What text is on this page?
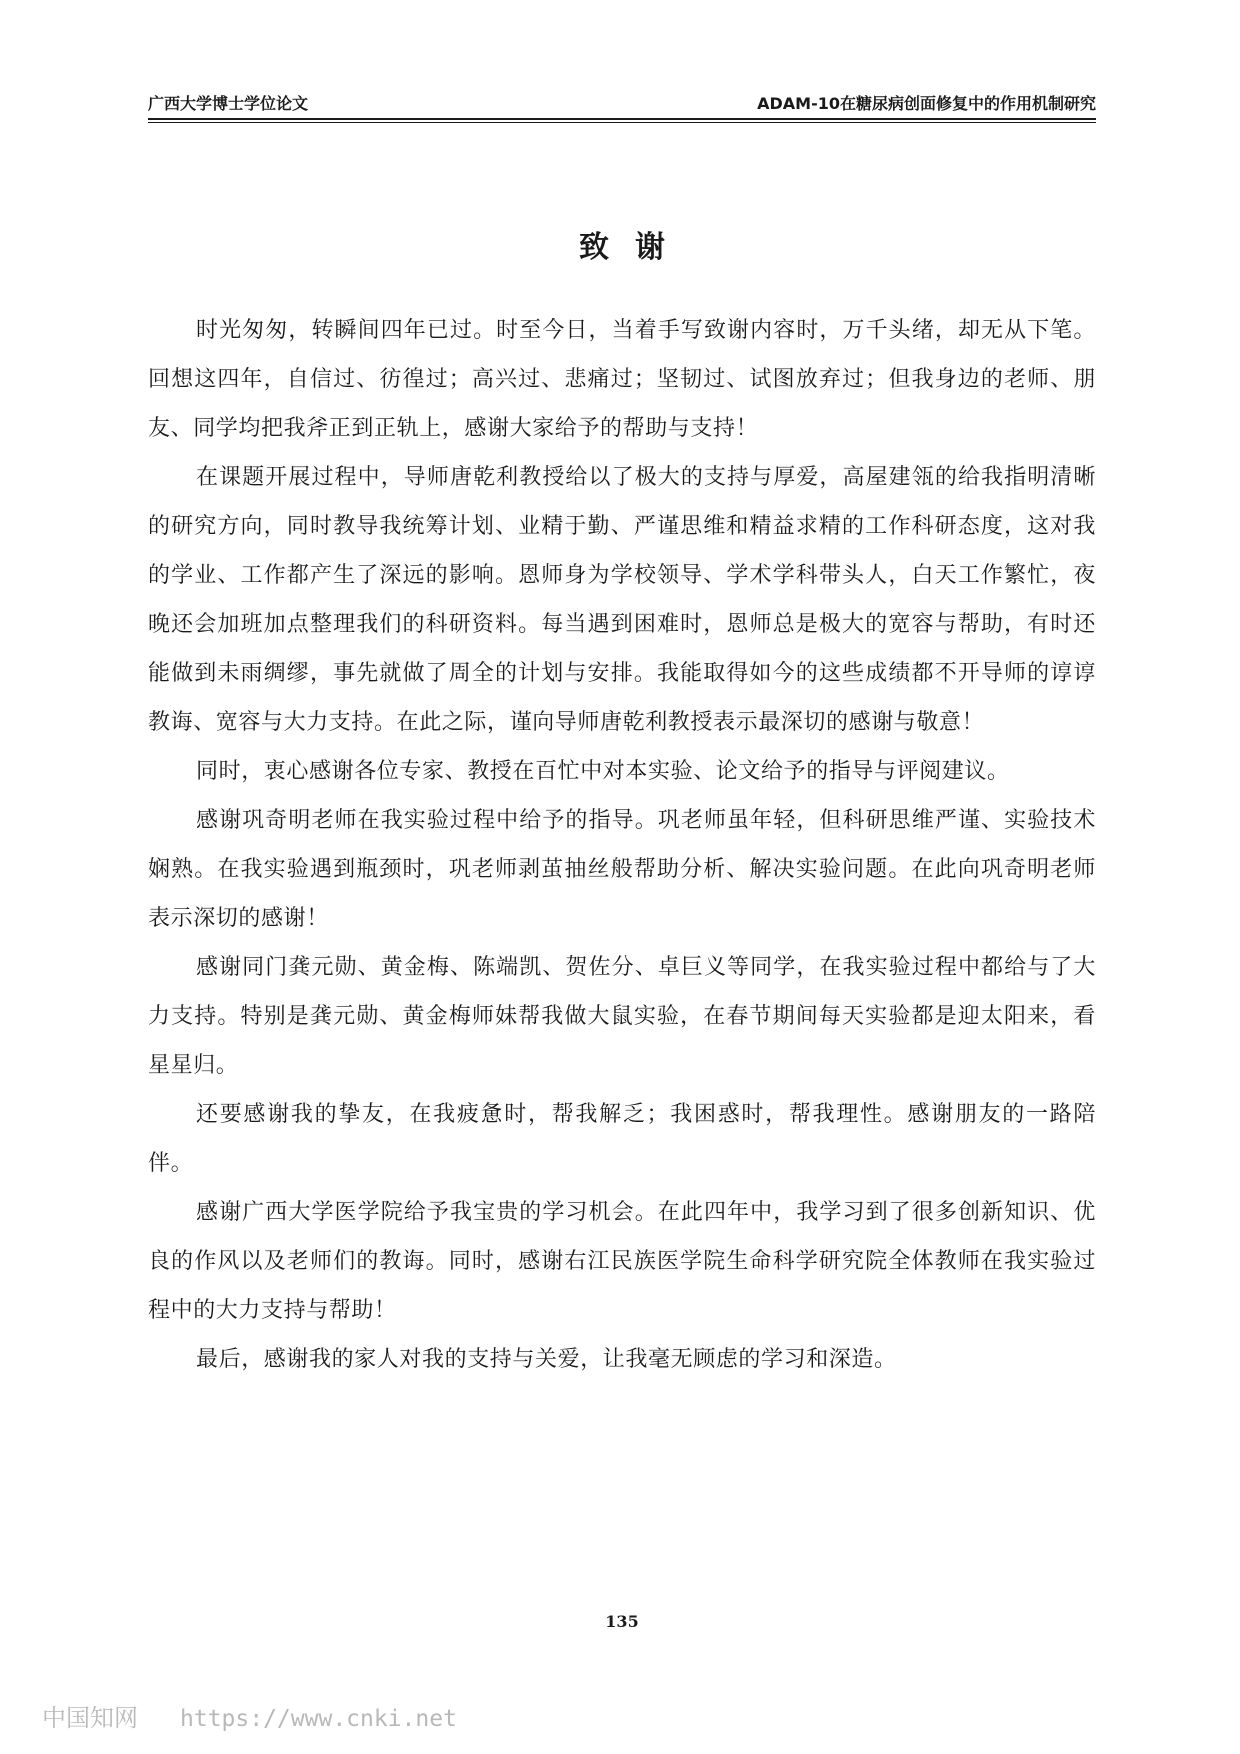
广西大学博士学位论文	ADAM-10在糖尿病创面修复中的作用机制研究
致谢

时光匆匆，转瞬间四年已过。时至今日，当着手写致谢内容时，万千头绪，却无从下笔。回想这四年，自信过、彷徨过；高兴过、悲痛过；坚韧过、试图放弃过；但我身边的老师、朋友、同学均把我斧正到正轨上，感谢大家给予的帮助与支持！

在课题开展过程中，导师唐乾利教授给以了极大的支持与厚爱，高屋建瓴的给我指明清晰的研究方向，同时教导我统筹计划、业精于勤、严谨思维和精益求精的工作科研态度，这对我的学业、工作都产生了深远的影响。恩师身为学校领导、学术学科带头人，白天工作繁忙，夜晚还会加班加点整理我们的科研资料。每当遇到困难时，恩师总是极大的宽容与帮助，有时还能做到未雨绸缪，事先就做了周全的计划与安排。我能取得如今的这些成绩都不开导师的谆谆教诲、宽容与大力支持。在此之际，谨向导师唐乾利教授表示最深切的感谢与敬意！

同时，衷心感谢各位专家、教授在百忙中对本实验、论文给予的指导与评阅建议。

感谢巩奇明老师在我实验过程中给予的指导。巩老师虽年轻，但科研思维严谨、实验技术娴熟。在我实验遇到瓶颈时，巩老师剥茧抽丝般帮助分析、解决实验问题。在此向巩奇明老师表示深切的感谢！

感谢同门龚元勋、黄金梅、陈端凯、贺佐分、卓巨义等同学，在我实验过程中都给与了大力支持。特别是龚元勋、黄金梅师妹帮我做大鼠实验，在春节期间每天实验都是迎太阳来，看星星归。

还要感谢我的挚友，在我疲惫时，帮我解乏；我困惑时，帮我理性。感谢朋友的一路陪伴。

感谢广西大学医学院给予我宝贵的学习机会。在此四年中，我学习到了很多创新知识、优良的作风以及老师们的教诲。同时，感谢右江民族医学院生命科学研究院全体教师在我实验过程中的大力支持与帮助！

最后，感谢我的家人对我的支持与关爱，让我毫无顾虑的学习和深造。

135
中国知网 https://www.cnki.net
